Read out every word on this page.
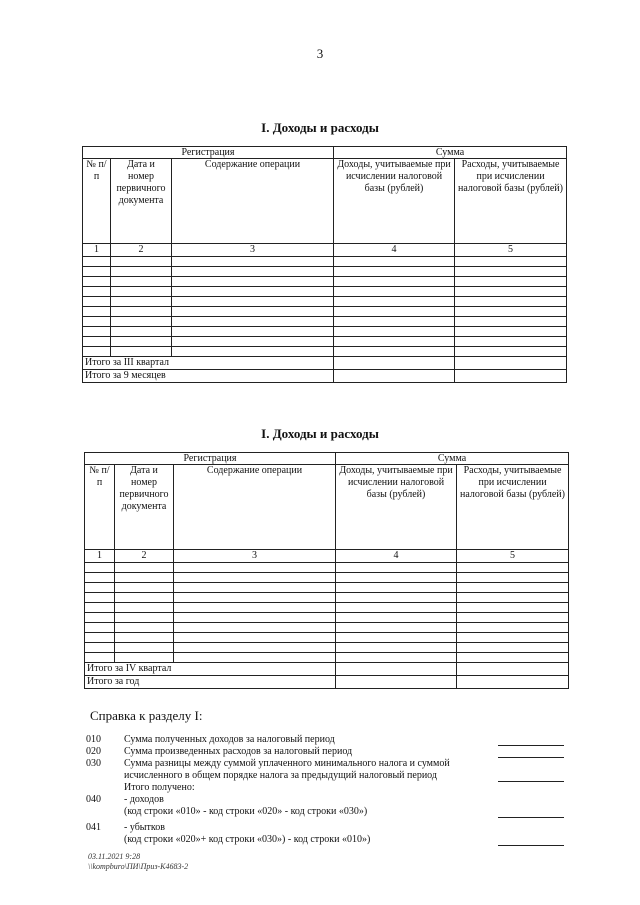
3
I. Доходы и расходы
Регистрация			Сумма	
№ п/п	Дата и номер первичного документа	Содержание операции	Доходы, учитываемые при исчислении налоговой базы (рублей)	Расходы, учитываемые при исчислении налоговой базы (рублей)
1	2	3	4	5

Итого за III квартал				
Итого за 9 месяцев				
I. Доходы и расходы
Регистрация			Сумма	
№ п/п	Дата и номер первичного документа	Содержание операции	Доходы, учитываемые при исчислении налоговой базы (рублей)	Расходы, учитываемые при исчислении налоговой базы (рублей)
1	2	3	4	5

Итого за IV квартал				
Итого за год				
Справка к разделу I:
010	Сумма полученных доходов за налоговый период
020	Сумма произведенных расходов за налоговый период
030	Сумма разницы между суммой уплаченного минимального налога и суммой исчисленного в общем порядке налога за предыдущий налоговый период
Итого получено:
040	- доходов
(код строки «010» - код строки «020» - код строки «030»)
041	- убытков
(код строки «020»+ код строки «030») - код строки «010»)
03.11.2021 9:28
\\kompburo\ПИ\Приз-К4683-2
